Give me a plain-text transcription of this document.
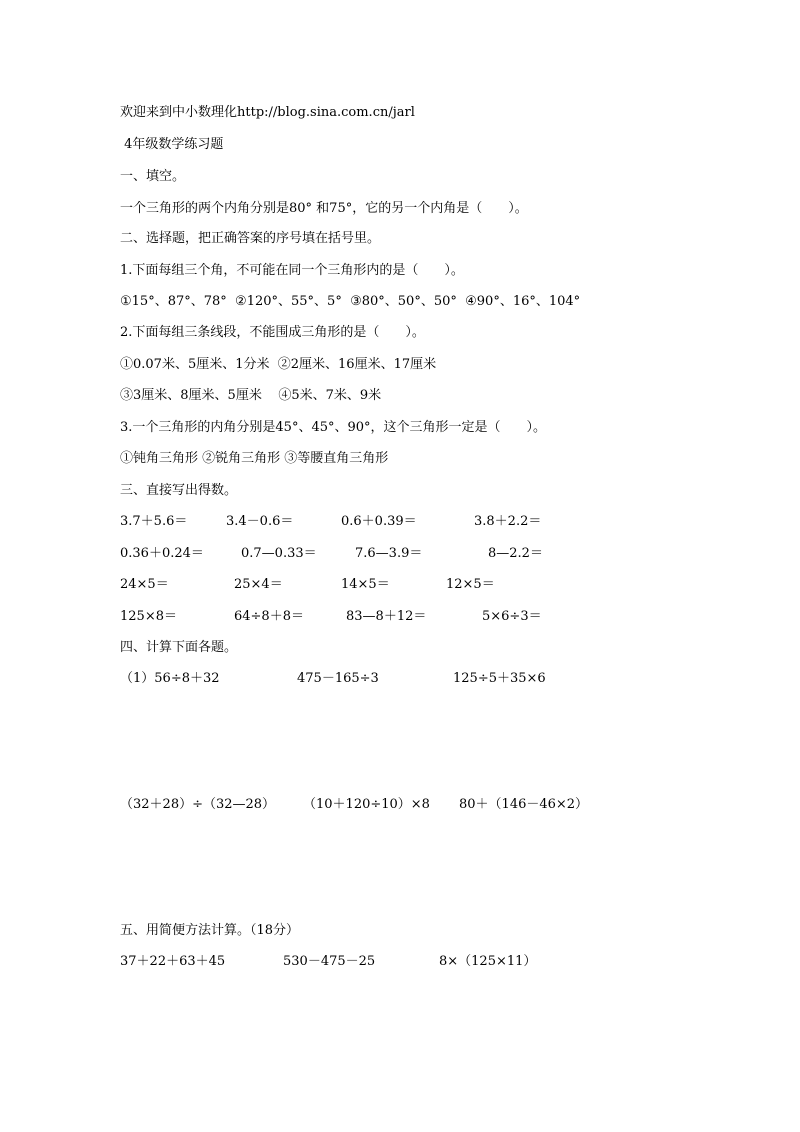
欢迎来到中小数理化http://blog.sina.com.cn/jarl
4年级数学练习题
一、填空。
一个三角形的两个内角分别是80° 和75°，它的另一个内角是（　　）。
二、选择题，把正确答案的序号填在括号里。
1.下面每组三个角，不可能在同一个三角形内的是（　　）。
①15°、87°、78°  ②120°、55°、5°  ③80°、50°、50°  ④90°、16°、104°
2.下面每组三条线段，不能围成三角形的是（　　）。
①0.07米、5厘米、1分米  ②2厘米、16厘米、17厘米
③3厘米、8厘米、5厘米    ④5米、7米、9米
3.一个三角形的内角分别是45°、45°、90°，这个三角形一定是（　　）。
①钝角三角形 ②锐角三角形 ③等腰直角三角形
三、直接写出得数。
3.7＋5.6＝	3.4－0.6＝	0.6＋0.39＝	3.8＋2.2＝
0.36＋0.24＝	0.7—0.33＝	7.6—3.9＝	8—2.2＝
24×5＝	25×4＝	14×5＝	12×5＝
125×8＝	64÷8＋8＝	83—8＋12＝	5×6÷3＝
四、计算下面各题。
（1）56÷8＋32	475－165÷3	125÷5＋35×6
（32＋28）÷（32—28） （10＋120÷10）×8 80＋（146－46×2）
五、用简便方法计算。（18分）
37＋22＋63＋45	530－475－25	8×（125×11）
